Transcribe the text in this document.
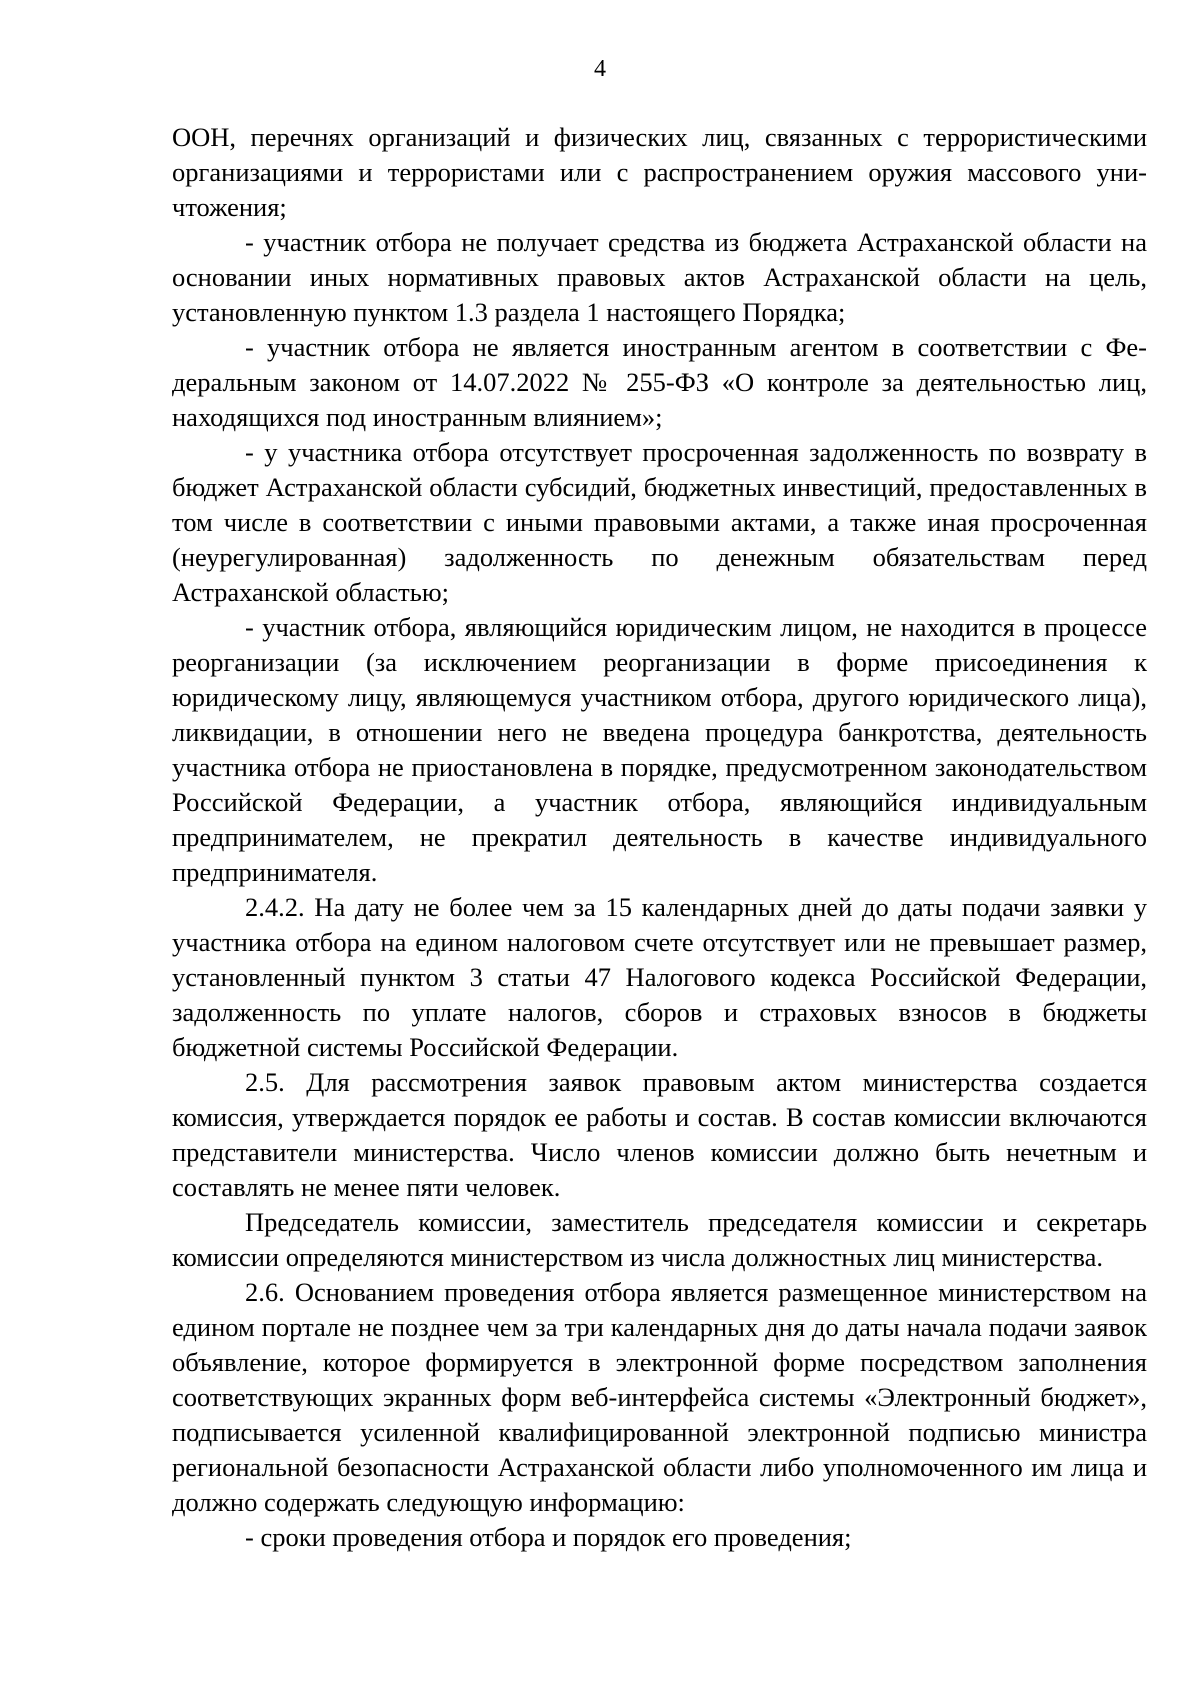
4

ООН, перечнях организаций и физических лиц, связанных с террористическими организациями и террористами или с распространением оружия массового уничтожения;

- участник отбора не получает средства из бюджета Астраханской области на основании иных нормативных правовых актов Астраханской области на цель, установленную пунктом 1.3 раздела 1 настоящего Порядка;

- участник отбора не является иностранным агентом в соответствии с Федеральным законом от 14.07.2022 № 255-ФЗ «О контроле за деятельностью лиц, находящихся под иностранным влиянием»;

- у участника отбора отсутствует просроченная задолженность по возврату в бюджет Астраханской области субсидий, бюджетных инвестиций, предоставленных в том числе в соответствии с иными правовыми актами, а также иная просроченная (неурегулированная) задолженность по денежным обязательствам перед Астраханской областью;

- участник отбора, являющийся юридическим лицом, не находится в процессе реорганизации (за исключением реорганизации в форме присоединения к юридическому лицу, являющемуся участником отбора, другого юридического лица), ликвидации, в отношении него не введена процедура банкротства, деятельность участника отбора не приостановлена в порядке, предусмотренном законодательством Российской Федерации, а участник отбора, являющийся индивидуальным предпринимателем, не прекратил деятельность в качестве индивидуального предпринимателя.

2.4.2. На дату не более чем за 15 календарных дней до даты подачи заявки у участника отбора на едином налоговом счете отсутствует или не превышает размер, установленный пунктом 3 статьи 47 Налогового кодекса Российской Федерации, задолженность по уплате налогов, сборов и страховых взносов в бюджеты бюджетной системы Российской Федерации.

2.5. Для рассмотрения заявок правовым актом министерства создается комиссия, утверждается порядок ее работы и состав. В состав комиссии включаются представители министерства. Число членов комиссии должно быть нечетным и составлять не менее пяти человек.

Председатель комиссии, заместитель председателя комиссии и секретарь комиссии определяются министерством из числа должностных лиц министерства.

2.6. Основанием проведения отбора является размещенное министерством на едином портале не позднее чем за три календарных дня до даты начала подачи заявок объявление, которое формируется в электронной форме посредством заполнения соответствующих экранных форм веб-интерфейса системы «Электронный бюджет», подписывается усиленной квалифицированной электронной подписью министра региональной безопасности Астраханской области либо уполномоченного им лица и должно содержать следующую информацию:

- сроки проведения отбора и порядок его проведения;
